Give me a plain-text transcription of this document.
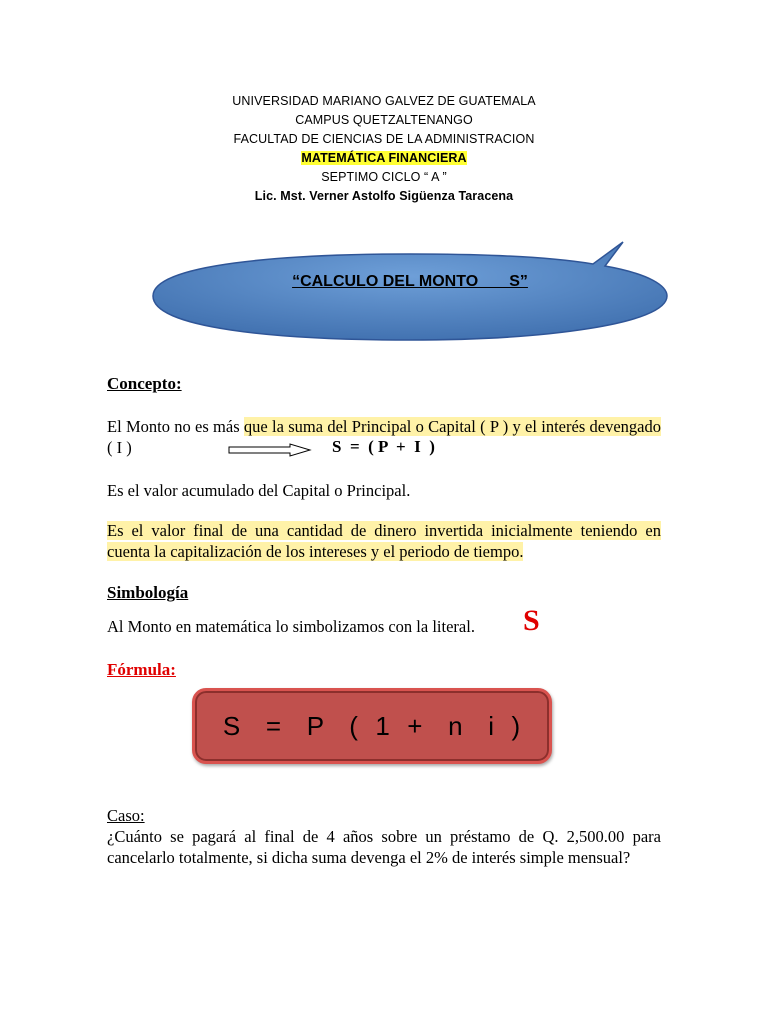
UNIVERSIDAD MARIANO GALVEZ DE GUATEMALA
CAMPUS QUETZALTENANGO
FACULTAD DE CIENCIAS DE LA ADMINISTRACION
MATEMÁTICA FINANCIERA
SEPTIMO CICLO “ A ”
Lic. Mst. Verner Astolfo Sigüenza Taracena
“CALCULO DEL MONTO       S”
Concepto:
El Monto no es más que la suma del Principal o Capital ( P ) y el interés devengado ( I )	S  =  ( P  +  I  )
Es el valor acumulado del Capital o Principal.
Es el valor final de una cantidad de dinero invertida inicialmente teniendo en cuenta la capitalización de los intereses y el periodo de tiempo.
Simbología
Al Monto en matemática lo simbolizamos con la literal.	S
Fórmula:
S   =   P   (  1  +   n   i  )
Caso:
¿Cuánto se pagará al final de 4 años sobre un préstamo de Q. 2,500.00 para cancelarlo totalmente, si dicha suma devenga el 2% de interés simple mensual?
